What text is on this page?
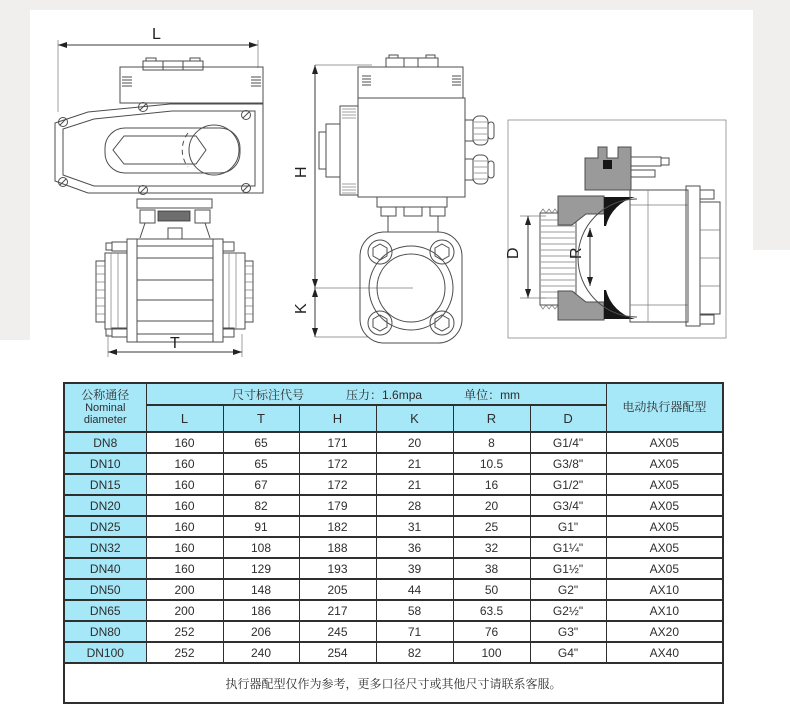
L
T
H
K
D	R
公称通径
Nominal diameter

尺寸标注代号	压力：1.6mpa	单位：mm
	电动执行器配型
	L	T	H	K	R	D	
DN8	160	65	171	20	8	G1/4"	AX05
DN10	160	65	172	21	10.5	G3/8"	AX05
DN15	160	67	172	21	16	G1/2"	AX05
DN20	160	82	179	28	20	G3/4"	AX05
DN25	160	91	182	31	25	G1"	AX05
DN32	160	108	188	36	32	G1¼"	AX05
DN40	160	129	193	39	38	G1½"	AX05
DN50	200	148	205	44	50	G2"	AX10
DN65	200	186	217	58	63.5	G2½"	AX10
DN80	252	206	245	71	76	G3"	AX20
DN100	252	240	254	82	100	G4"	AX40
执行器配型仅作为参考，更多口径尺寸或其他尺寸请联系客服。							
